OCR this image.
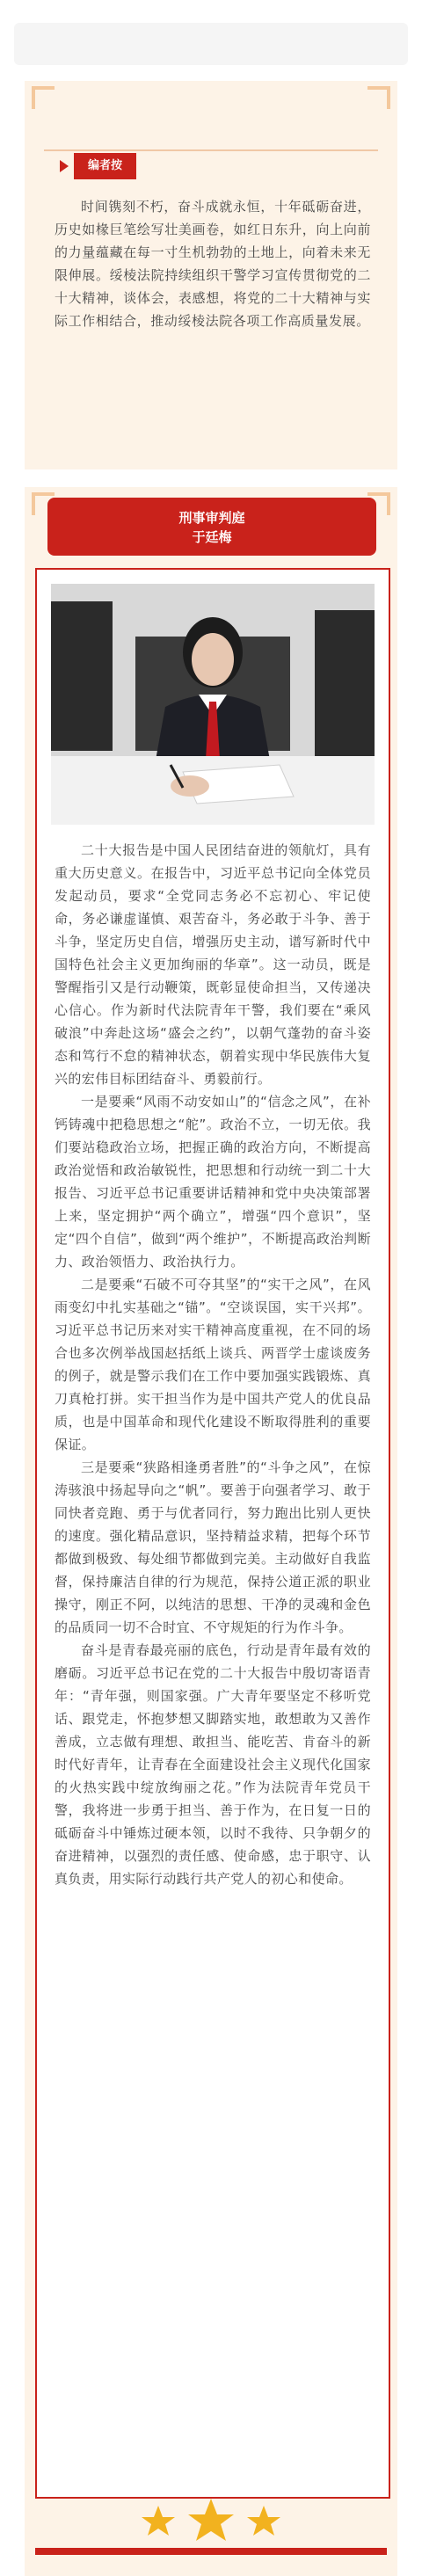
编者按

时间镌刻不朽，奋斗成就永恒，十年砥砺奋进，历史如椽巨笔绘写壮美画卷，如红日东升，向上向前的力量蕴藏在每一寸生机勃勃的土地上，向着未来无限伸展。绥棱法院持续组织干警学习宣传贯彻党的二十大精神，谈体会，表感想，将党的二十大精神与实际工作相结合，推动绥棱法院各项工作高质量发展。

刑事审判庭
于廷梅

二十大报告是中国人民团结奋进的领航灯，具有重大历史意义。在报告中，习近平总书记向全体党员发起动员，要求“全党同志务必不忘初心、牢记使命，务必谦虚谨慎、艰苦奋斗，务必敢于斗争、善于斗争，坚定历史自信，增强历史主动，谱写新时代中国特色社会主义更加绚丽的华章”。这一动员，既是警醒指引又是行动鞭策，既彰显使命担当，又传递决心信心。作为新时代法院青年干警，我们要在“乘风破浪”中奔赴这场“盛会之约”，以朝气蓬勃的奋斗姿态和笃行不怠的精神状态，朝着实现中华民族伟大复兴的宏伟目标团结奋斗、勇毅前行。

一是要乘“风雨不动安如山”的“信念之风”，在补钙铸魂中把稳思想之“舵”。政治不立，一切无依。我们要站稳政治立场，把握正确的政治方向，不断提高政治觉悟和政治敏锐性，把思想和行动统一到二十大报告、习近平总书记重要讲话精神和党中央决策部署上来，坚定拥护“两个确立”，增强“四个意识”，坚定“四个自信”，做到“两个维护”，不断提高政治判断力、政治领悟力、政治执行力。

二是要乘“石破不可夺其坚”的“实干之风”，在风雨变幻中扎实基础之“锚”。“空谈误国，实干兴邦”。习近平总书记历来对实干精神高度重视，在不同的场合也多次例举战国赵括纸上谈兵、两晋学士虚谈废务的例子，就是警示我们在工作中要加强实践锻炼、真刀真枪打拼。实干担当作为是中国共产党人的优良品质，也是中国革命和现代化建设不断取得胜利的重要保证。

三是要乘“狭路相逢勇者胜”的“斗争之风”，在惊涛骇浪中扬起导向之“帆”。要善于向强者学习、敢于同快者竞跑、勇于与优者同行，努力跑出比别人更快的速度。强化精品意识，坚持精益求精，把每个环节都做到极致、每处细节都做到完美。主动做好自我监督，保持廉洁自律的行为规范，保持公道正派的职业操守，刚正不阿，以纯洁的思想、干净的灵魂和金色的品质同一切不合时宜、不守规矩的行为作斗争。

奋斗是青春最亮丽的底色，行动是青年最有效的磨砺。习近平总书记在党的二十大报告中殷切寄语青年：“青年强，则国家强。广大青年要坚定不移听党话、跟党走，怀抱梦想又脚踏实地，敢想敢为又善作善成，立志做有理想、敢担当、能吃苦、肯奋斗的新时代好青年，让青春在全面建设社会主义现代化国家的火热实践中绽放绚丽之花。”作为法院青年党员干警，我将进一步勇于担当、善于作为，在日复一日的砥砺奋斗中锤炼过硬本领，以时不我待、只争朝夕的奋进精神，以强烈的责任感、使命感，忠于职守、认真负责，用实际行动践行共产党人的初心和使命。
